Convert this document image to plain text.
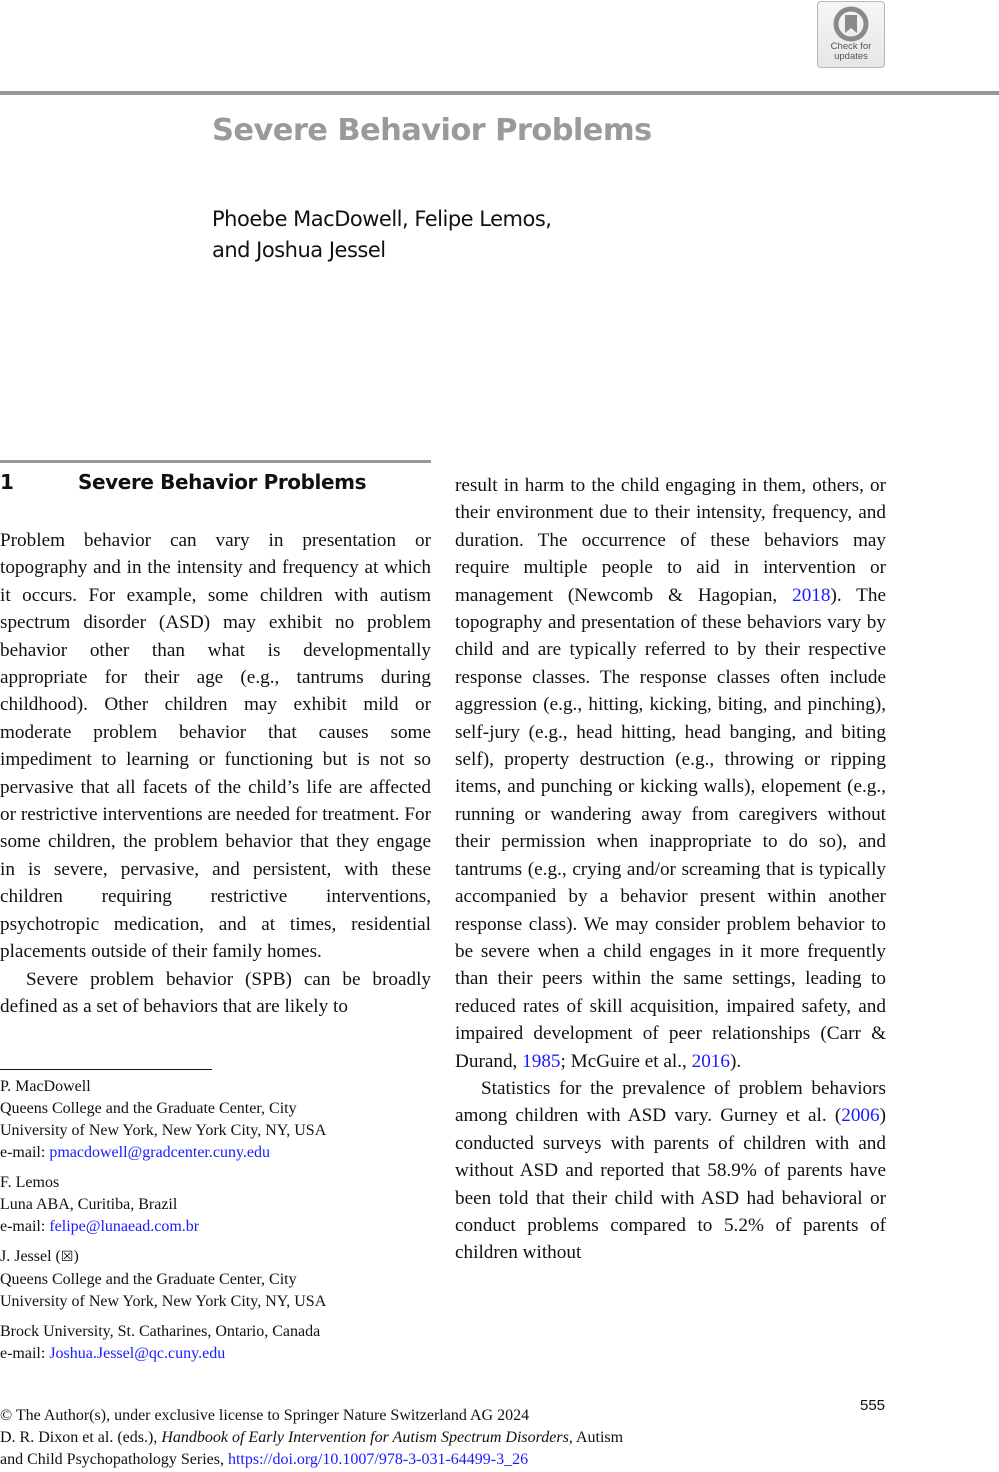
Check for
updates
Severe Behavior Problems
Phoebe MacDowell, Felipe Lemos,
and Joshua Jessel
1	Severe Behavior Problems

Problem behavior can vary in presentation or topography and in the intensity and frequency at which it occurs. For example, some children with autism spectrum disorder (ASD) may exhibit no problem behavior other than what is developmentally appropriate for their age (e.g., tantrums during childhood). Other children may exhibit mild or moderate problem behavior that causes some impediment to learning or functioning but is not so pervasive that all facets of the child’s life are affected or restrictive interventions are needed for treatment. For some children, the problem behavior that they engage in is severe, pervasive, and persistent, with these children requiring restrictive interventions, psychotropic medication, and at times, residential placements outside of their family homes.

Severe problem behavior (SPB) can be broadly defined as a set of behaviors that are likely to

result in harm to the child engaging in them, others, or their environment due to their intensity, frequency, and duration. The occurrence of these behaviors may require multiple people to aid in intervention or management (Newcomb & Hagopian, 2018). The topography and presentation of these behaviors vary by child and are typically referred to by their respective response classes. The response classes often include aggression (e.g., hitting, kicking, biting, and pinching), self-jury (e.g., head hitting, head banging, and biting self), property destruction (e.g., throwing or ripping items, and punching or kicking walls), elopement (e.g., running or wandering away from caregivers without their permission when inappropriate to do so), and tantrums (e.g., crying and/or screaming that is typically accompanied by a behavior present within another response class). We may consider problem behavior to be severe when a child engages in it more frequently than their peers within the same settings, leading to reduced rates of skill acquisition, impaired safety, and impaired development of peer relationships (Carr & Durand, 1985; McGuire et al., 2016).

Statistics for the prevalence of problem behaviors among children with ASD vary. Gurney et al. (2006) conducted surveys with parents of children with and without ASD and reported that 58.9% of parents have been told that their child with ASD had behavioral or conduct problems compared to 5.2% of parents of children without

P. MacDowell
Queens College and the Graduate Center, City
University of New York, New York City, NY, USA
e-mail: pmacdowell@gradcenter.cuny.edu
F. Lemos
Luna ABA, Curitiba, Brazil
e-mail: felipe@lunaead.com.br
J. Jessel (☒)
Queens College and the Graduate Center, City
University of New York, New York City, NY, USA
Brock University, St. Catharines, Ontario, Canada
e-mail: Joshua.Jessel@qc.cuny.edu
555
© The Author(s), under exclusive license to Springer Nature Switzerland AG 2024
D. R. Dixon et al. (eds.), Handbook of Early Intervention for Autism Spectrum Disorders, Autism
and Child Psychopathology Series, https://doi.org/10.1007/978-3-031-64499-3_26
